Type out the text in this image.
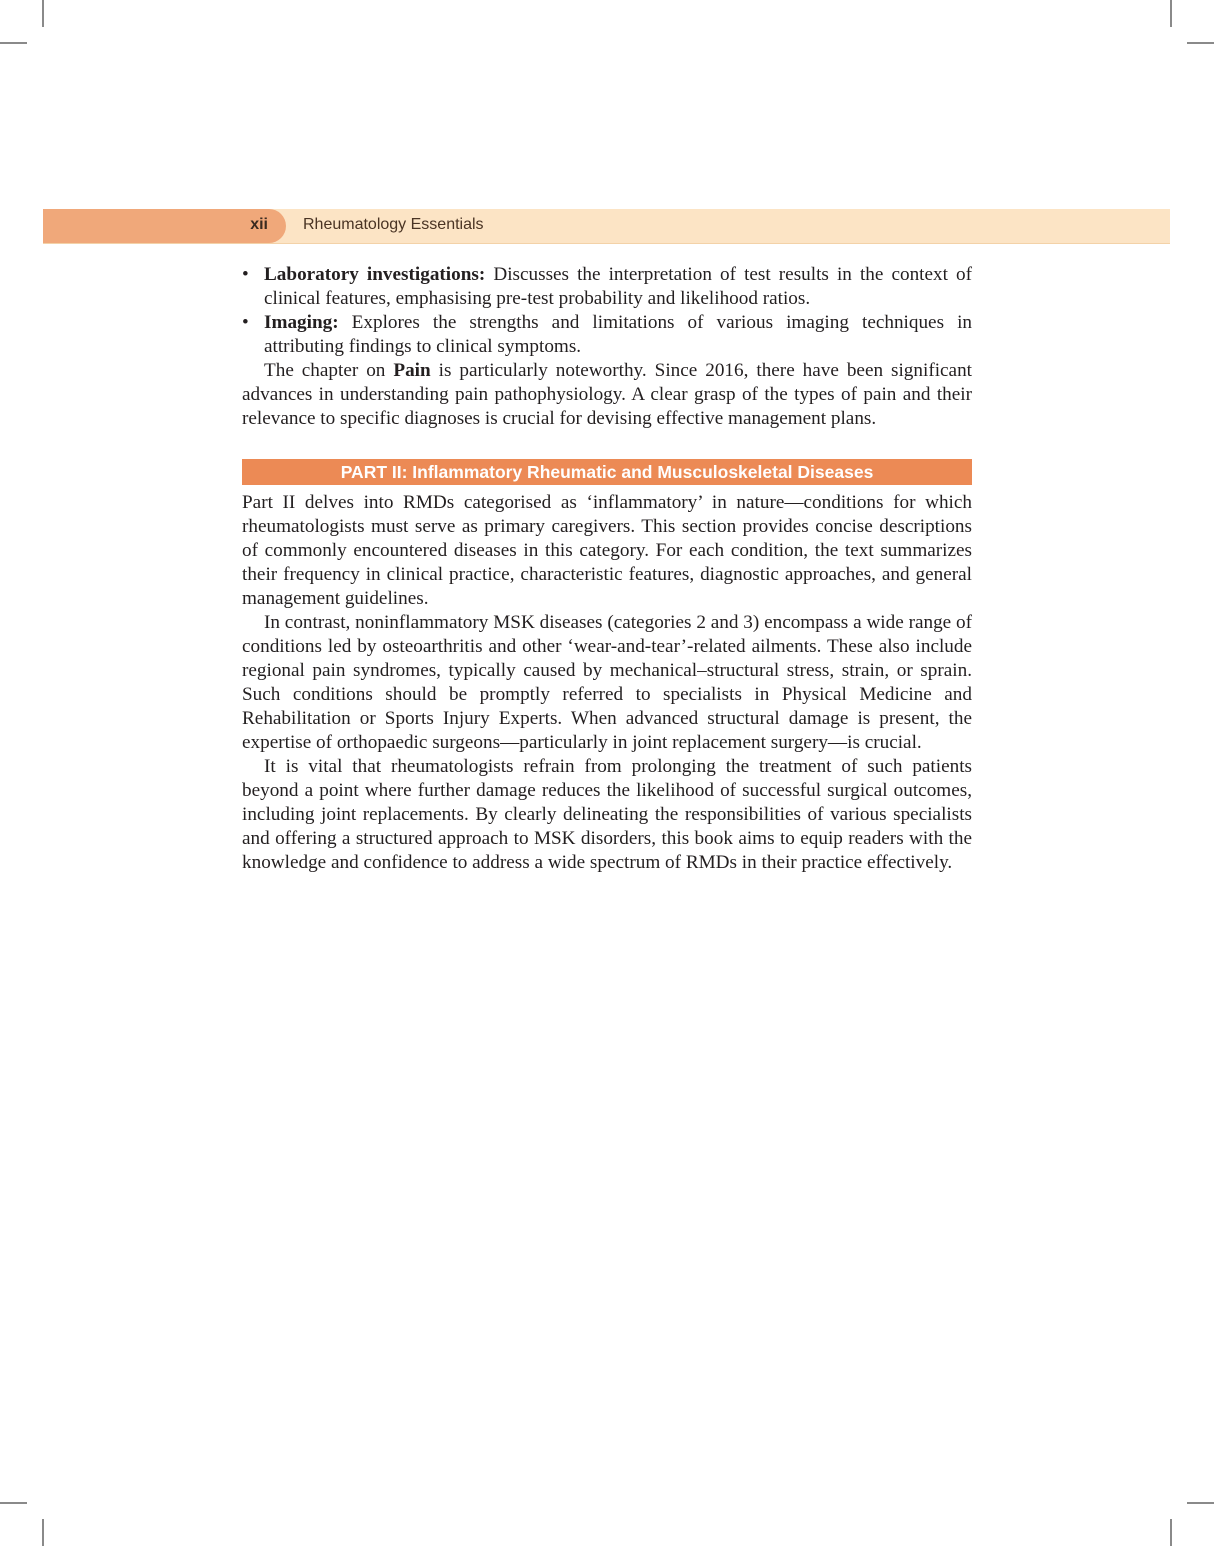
xii Rheumatology Essentials
• Laboratory investigations: Discusses the interpretation of test results in the context of clinical features, emphasising pre-test probability and likelihood ratios.
• Imaging: Explores the strengths and limitations of various imaging techniques in attributing findings to clinical symptoms.

The chapter on Pain is particularly noteworthy. Since 2016, there have been significant advances in understanding pain pathophysiology. A clear grasp of the types of pain and their relevance to specific diagnoses is crucial for devising effective management plans.

PART II: Inflammatory Rheumatic and Musculoskeletal Diseases

Part II delves into RMDs categorised as ‘inflammatory’ in nature—conditions for which rheumatologists must serve as primary caregivers. This section provides concise descriptions of commonly encountered diseases in this category. For each condition, the text summarizes their frequency in clinical practice, characteristic features, diagnostic approaches, and general management guidelines.

In contrast, noninflammatory MSK diseases (categories 2 and 3) encompass a wide range of conditions led by osteoarthritis and other ‘wear-and-tear’-related ailments. These also include regional pain syndromes, typically caused by mechanical–structural stress, strain, or sprain. Such conditions should be promptly referred to specialists in Physical Medicine and Rehabilitation or Sports Injury Experts. When advanced structural damage is present, the expertise of orthopaedic surgeons—particularly in joint replacement surgery—is crucial.

It is vital that rheumatologists refrain from prolonging the treatment of such patients beyond a point where further damage reduces the likelihood of successful surgical outcomes, including joint replacements. By clearly delineating the responsibilities of various specialists and offering a structured approach to MSK disorders, this book aims to equip readers with the knowledge and confidence to address a wide spectrum of RMDs in their practice effectively.
